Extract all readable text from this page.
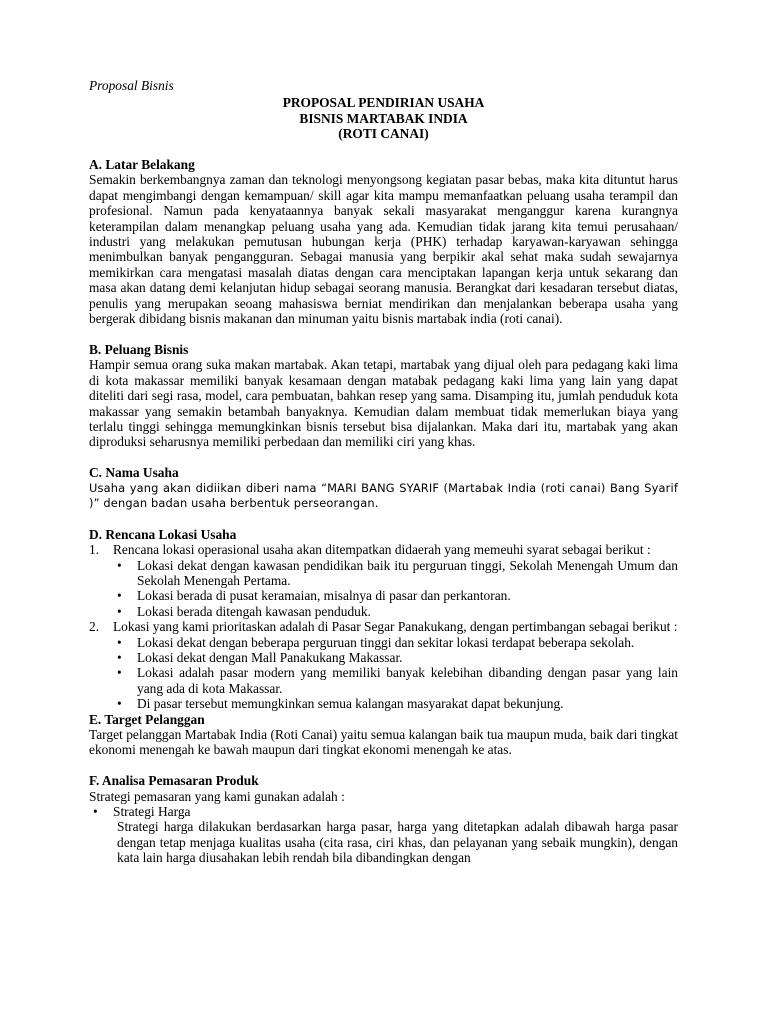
Proposal Bisnis
PROPOSAL PENDIRIAN USAHA
BISNIS MARTABAK INDIA
(ROTI CANAI)
A. Latar Belakang

Semakin berkembangnya zaman dan teknologi menyongsong kegiatan pasar bebas, maka kita dituntut harus dapat mengimbangi dengan kemampuan/ skill agar kita mampu memanfaatkan peluang usaha terampil dan profesional. Namun pada kenyataannya banyak sekali masyarakat menganggur karena kurangnya keterampilan dalam menangkap peluang usaha yang ada. Kemudian tidak jarang kita temui perusahaan/ industri yang melakukan pemutusan hubungan kerja (PHK) terhadap karyawan-karyawan sehingga menimbulkan banyak pengangguran. Sebagai manusia yang berpikir akal sehat maka sudah sewajarnya memikirkan cara mengatasi masalah diatas dengan cara menciptakan lapangan kerja untuk sekarang dan masa akan datang demi kelanjutan hidup sebagai seorang manusia. Berangkat dari kesadaran tersebut diatas, penulis yang merupakan seoang mahasiswa berniat mendirikan dan menjalankan beberapa usaha yang bergerak dibidang bisnis makanan dan minuman yaitu bisnis martabak india (roti canai).

B. Peluang Bisnis

Hampir semua orang suka makan martabak. Akan tetapi, martabak yang dijual oleh para pedagang kaki lima di kota makassar memiliki banyak kesamaan dengan matabak pedagang kaki lima yang lain yang dapat diteliti dari segi rasa, model, cara pembuatan, bahkan resep yang sama. Disamping itu, jumlah penduduk kota makassar yang semakin betambah banyaknya. Kemudian dalam membuat tidak memerlukan biaya yang terlalu tinggi sehingga memungkinkan bisnis tersebut bisa dijalankan. Maka dari itu, martabak yang akan diproduksi seharusnya memiliki perbedaan dan memiliki ciri yang khas.

C. Nama Usaha

Usaha yang akan didiikan diberi nama “MARI BANG SYARIF (Martabak India (roti canai) Bang Syarif )” dengan badan usaha berbentuk perseorangan.

D. Rencana Lokasi Usaha
1. Rencana lokasi operasional usaha akan ditempatkan didaerah yang memeuhi syarat sebagai berikut :
• Lokasi dekat dengan kawasan pendidikan baik itu perguruan tinggi, Sekolah Menengah Umum dan Sekolah Menengah Pertama.
• Lokasi berada di pusat keramaian, misalnya di pasar dan perkantoran.
• Lokasi berada ditengah kawasan penduduk.
2. Lokasi yang kami prioritaskan adalah di Pasar Segar Panakukang, dengan pertimbangan sebagai berikut :
• Lokasi dekat dengan beberapa perguruan tinggi dan sekitar lokasi terdapat beberapa sekolah.
• Lokasi dekat dengan Mall Panakukang Makassar.
• Lokasi adalah pasar modern yang memiliki banyak kelebihan dibanding dengan pasar yang lain yang ada di kota Makassar.
• Di pasar tersebut memungkinkan semua kalangan masyarakat dapat bekunjung.
E. Target Pelanggan

Target pelanggan Martabak India (Roti Canai) yaitu semua kalangan baik tua maupun muda, baik dari tingkat ekonomi menengah ke bawah maupun dari tingkat ekonomi menengah ke atas.

F. Analisa Pemasaran Produk

Strategi pemasaran yang kami gunakan adalah :

• Strategi Harga

Strategi harga dilakukan berdasarkan harga pasar, harga yang ditetapkan adalah dibawah harga pasar dengan tetap menjaga kualitas usaha (cita rasa, ciri khas, dan pelayanan yang sebaik mungkin), dengan kata lain harga diusahakan lebih rendah bila dibandingkan dengan
